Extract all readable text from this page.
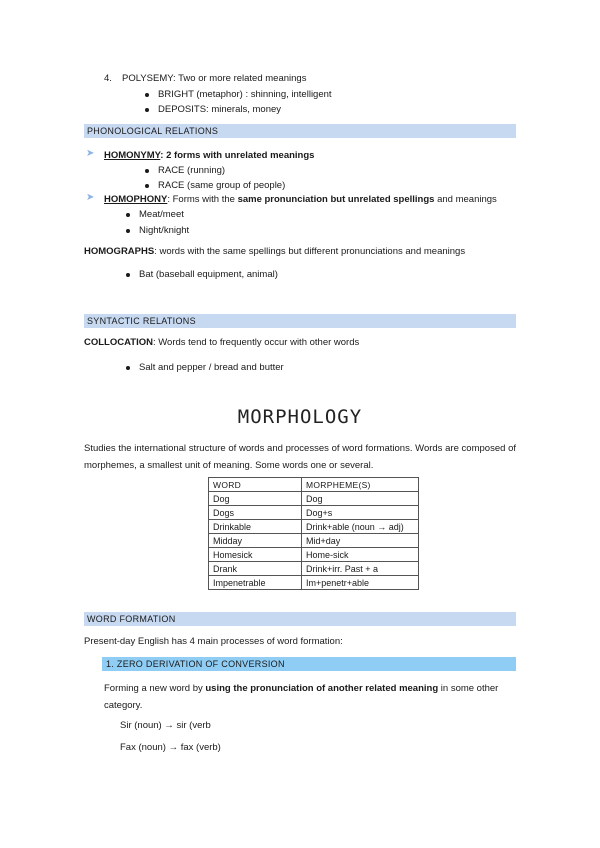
4. POLYSEMY: Two or more related meanings
BRIGHT (metaphor) : shinning, intelligent
DEPOSITS: minerals, money
PHONOLOGICAL RELATIONS
➤ HOMONYMY: 2 forms with unrelated meanings
RACE (running)
RACE (same group of people)
➤ HOMOPHONY: Forms with the same pronunciation but unrelated spellings and meanings
Meat/meet
Night/knight
HOMOGRAPHS: words with the same spellings but different pronunciations and meanings
Bat (baseball equipment, animal)
SYNTACTIC RELATIONS
COLLOCATION: Words tend to frequently occur with other words
Salt and pepper / bread and butter
MORPHOLOGY
Studies the international structure of words and processes of word formations. Words are composed of morphemes, a smallest unit of meaning. Some words one or several.
WORD	MORPHEME(S)
Dog	Dog
Dogs	Dog+s
Drinkable	Drink+able (noun → adj)
Midday	Mid+day
Homesick	Home-sick
Drank	Drink+irr. Past + a
Impenetrable	Im+penetr+able
WORD FORMATION
Present-day English has 4 main processes of word formation:
1. ZERO DERIVATION OF CONVERSION
Forming a new word by using the pronunciation of another related meaning in some other category.
Sir (noun) → sir (verb
Fax (noun) → fax (verb)
